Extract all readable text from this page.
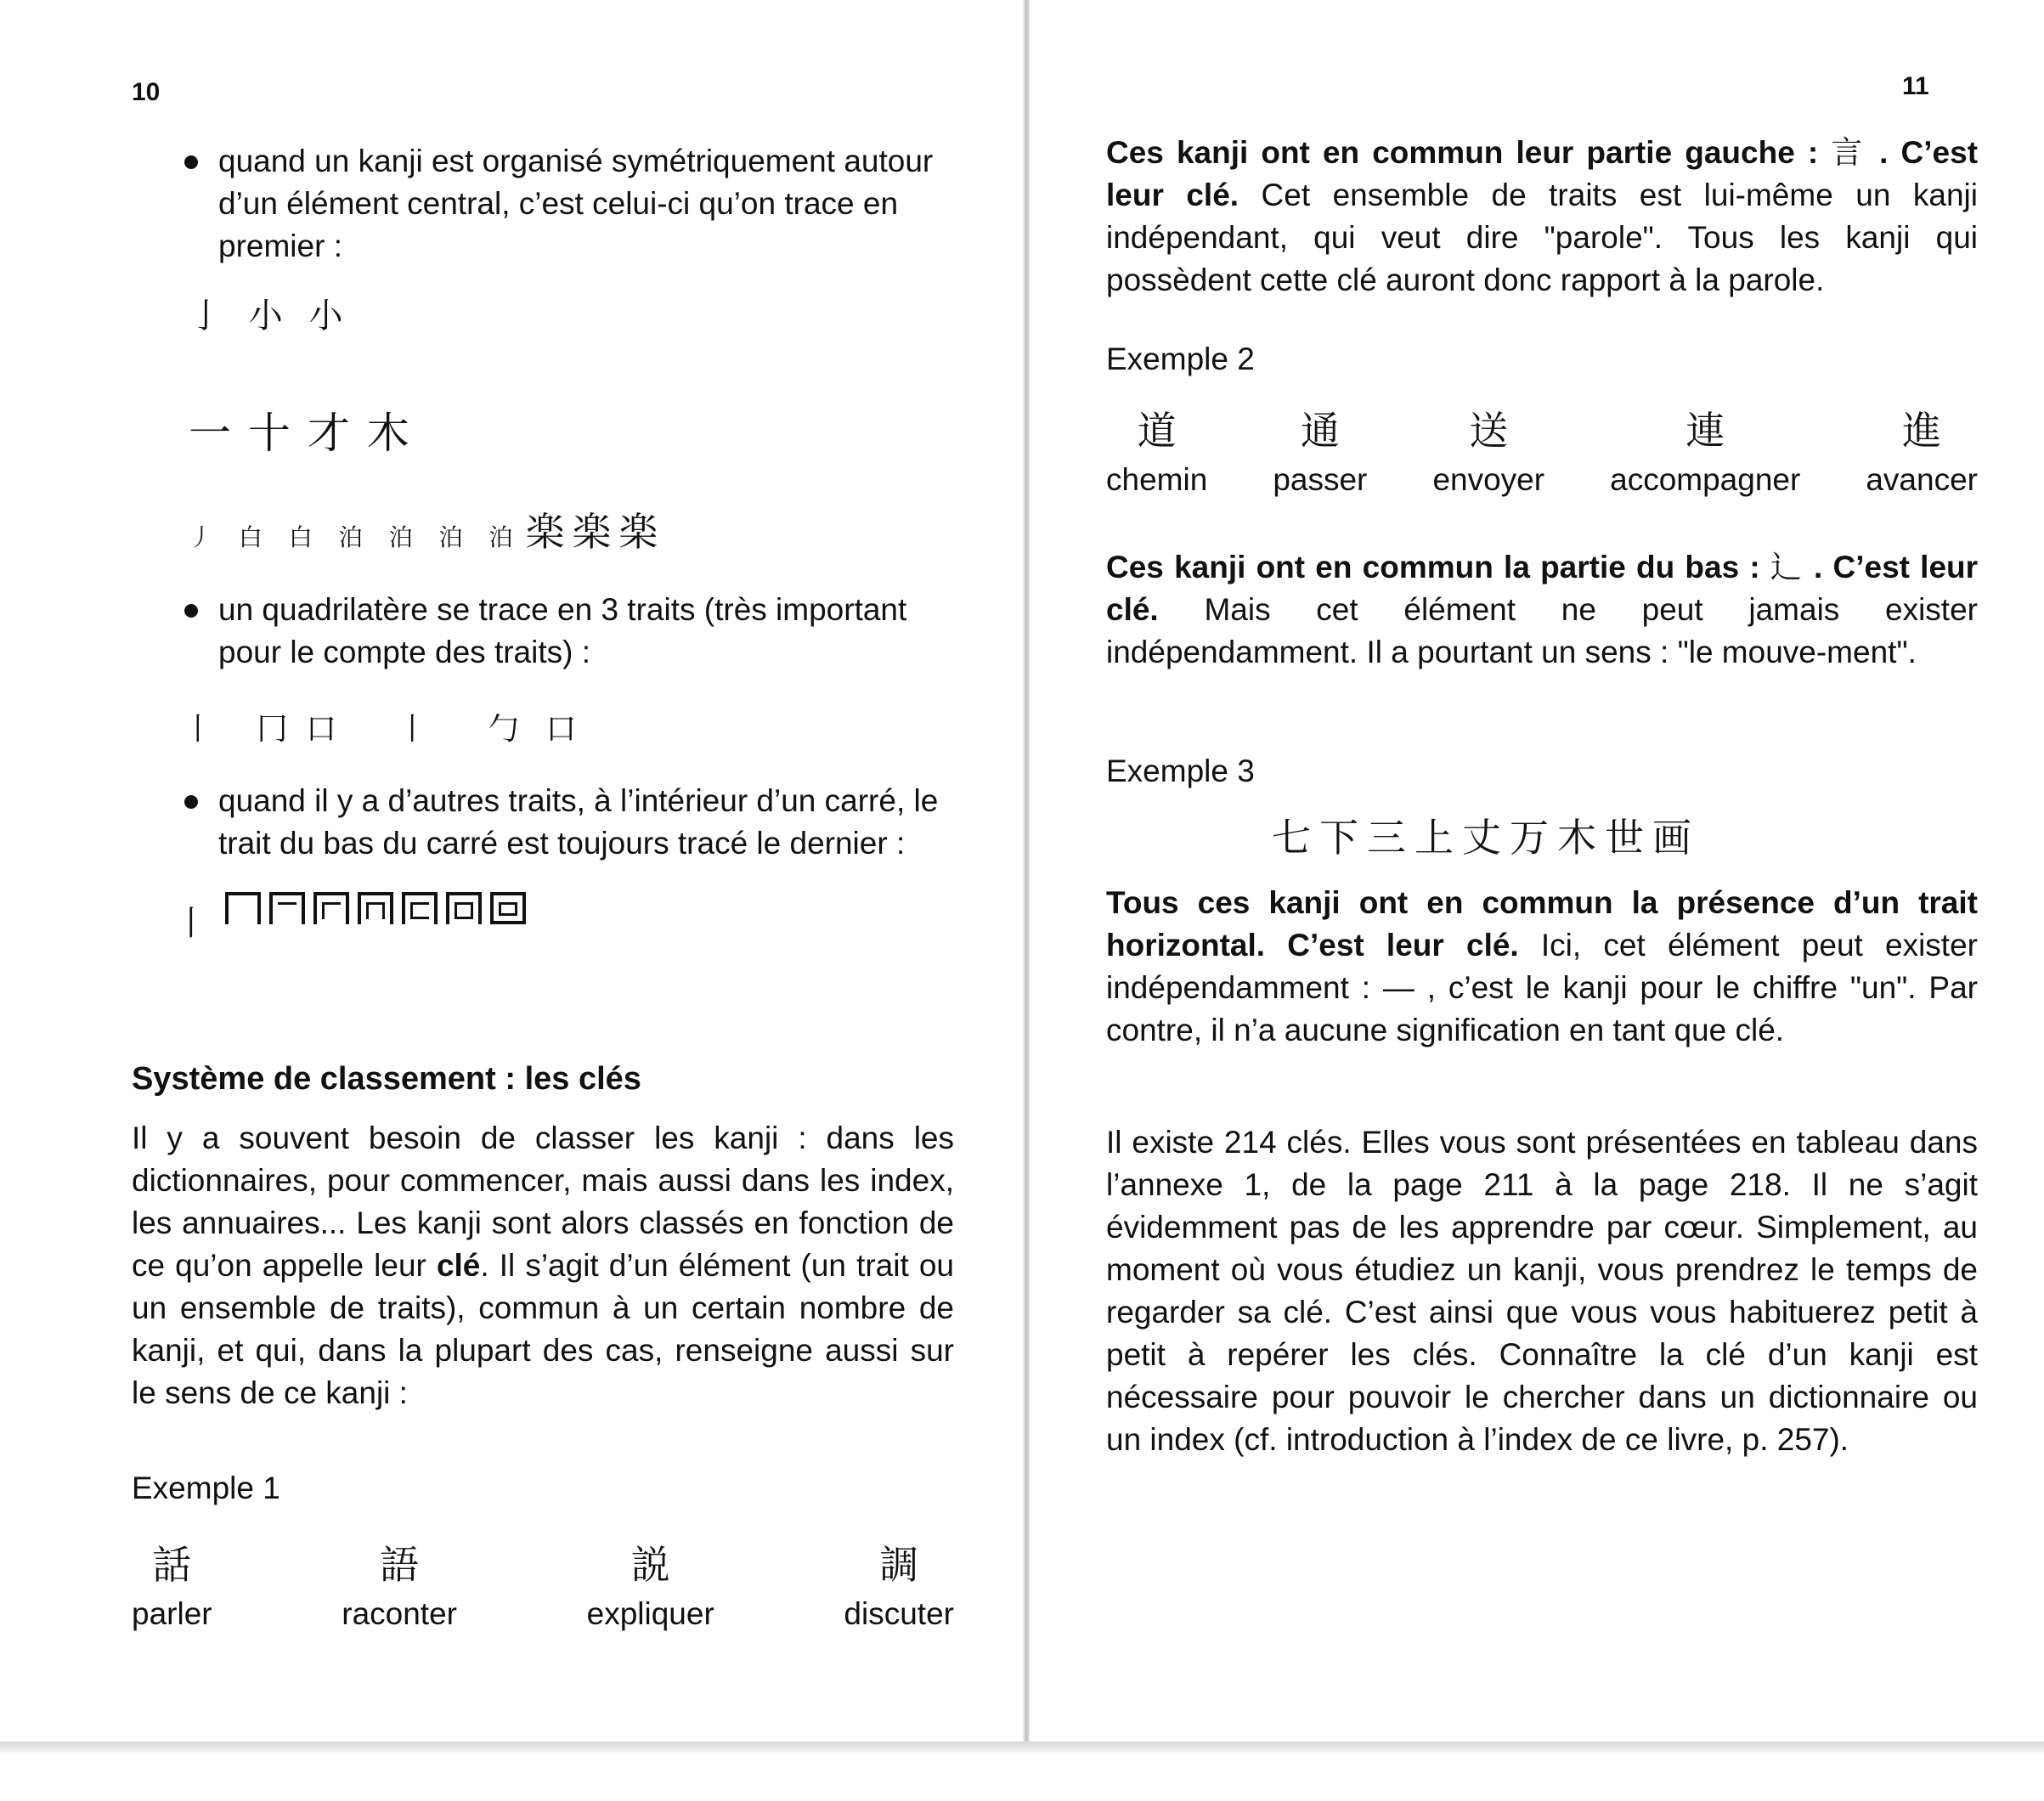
10
quand un kanji est organisé symétriquement autour d’un élément central, c’est celui-ci qu’on trace en premier :
亅 小 小
一 十 才 木
丿 白 白 泊 泊 泊 泊 楽 楽 楽
un quadrilatère se trace en 3 traits (très important pour le compte des traits) :
丨 冂 口 ⼁ ⼓ 口
quand il y a d’autres traits, à l’intérieur d’un carré, le trait du bas du carré est toujours tracé le dernier :
丨
Système de classement : les clés
Il y a souvent besoin de classer les kanji : dans les dictionnaires, pour commencer, mais aussi dans les index, les annuaires... Les kanji sont alors classés en fonction de ce qu’on appelle leur clé. Il s’agit d’un élément (un trait ou un ensemble de traits), commun à un certain nombre de kanji, et qui, dans la plupart des cas, renseigne aussi sur le sens de ce kanji :
Exemple 1
話
parler
語
raconter
説
expliquer
調
discuter
11
Ces kanji ont en commun leur partie gauche : 言 . C’est leur clé. Cet ensemble de traits est lui-même un kanji indépendant, qui veut dire "parole". Tous les kanji qui possèdent cette clé auront donc rapport à la parole.
Exemple 2
道
chemin
通
passer
送
envoyer
連
accompagner
進
avancer
Ces kanji ont en commun la partie du bas : 辶 . C’est leur clé. Mais cet élément ne peut jamais exister indépendamment. Il a pourtant un sens : "le mouve-ment".
Exemple 3
七下三上丈万木世画
Tous ces kanji ont en commun la présence d’un trait horizontal. C’est leur clé. Ici, cet élément peut exister indépendamment : — , c’est le kanji pour le chiffre "un". Par contre, il n’a aucune signification en tant que clé.
Il existe 214 clés. Elles vous sont présentées en tableau dans l’annexe 1, de la page 211 à la page 218. Il ne s’agit évidemment pas de les apprendre par cœur. Simplement, au moment où vous étudiez un kanji, vous prendrez le temps de regarder sa clé. C’est ainsi que vous vous habituerez petit à petit à repérer les clés. Connaître la clé d’un kanji est nécessaire pour pouvoir le chercher dans un dictionnaire ou un index (cf. introduction à l’index de ce livre, p. 257).
